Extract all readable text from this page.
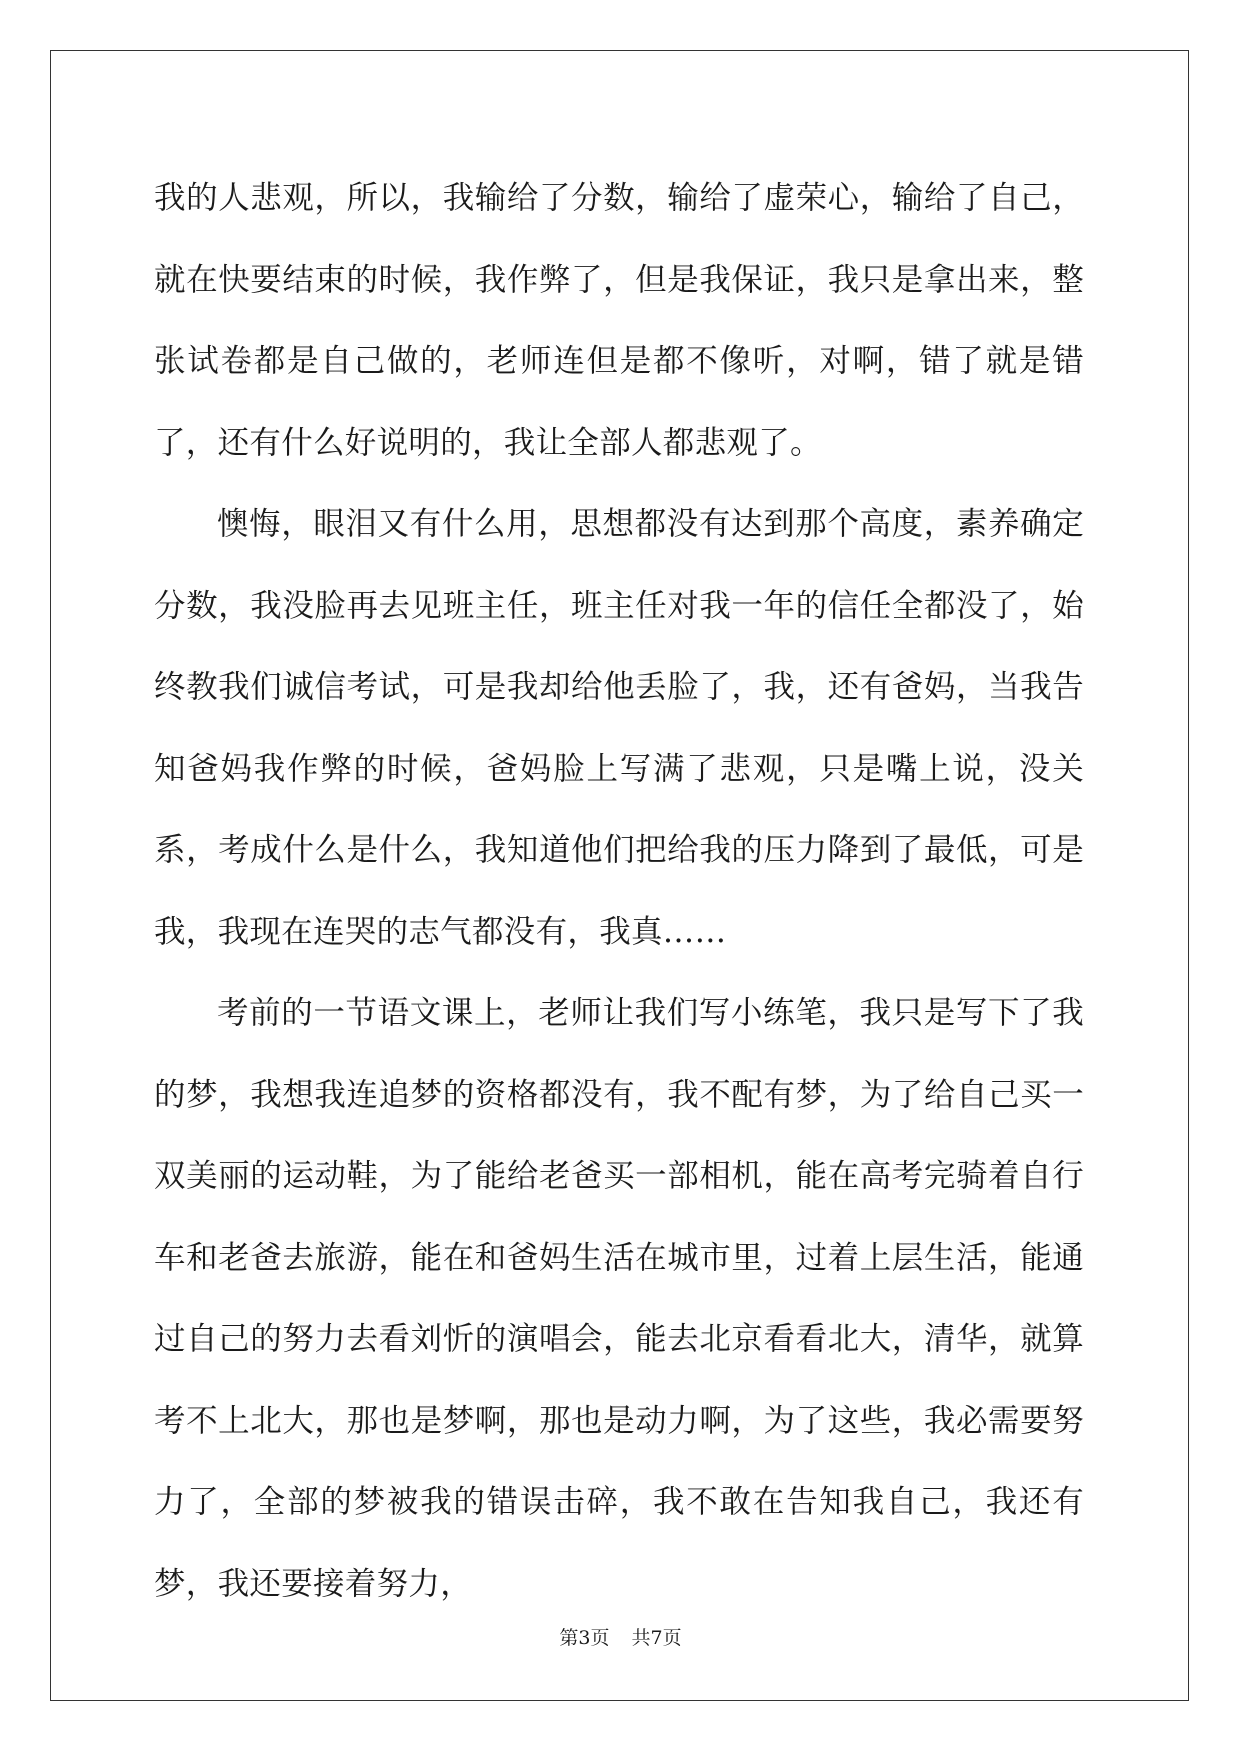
我的人悲观，所以，我输给了分数，输给了虚荣心，输给了自己，就在快要结束的时候，我作弊了，但是我保证，我只是拿出来，整张试卷都是自己做的，老师连但是都不像听，对啊，错了就是错了，还有什么好说明的，我让全部人都悲观了。

懊悔，眼泪又有什么用，思想都没有达到那个高度，素养确定分数，我没脸再去见班主任，班主任对我一年的信任全都没了，始终教我们诚信考试，可是我却给他丢脸了，我，还有爸妈，当我告知爸妈我作弊的时候，爸妈脸上写满了悲观，只是嘴上说，没关系，考成什么是什么，我知道他们把给我的压力降到了最低，可是我，我现在连哭的志气都没有，我真……

考前的一节语文课上，老师让我们写小练笔，我只是写下了我的梦，我想我连追梦的资格都没有，我不配有梦，为了给自己买一双美丽的运动鞋，为了能给老爸买一部相机，能在高考完骑着自行车和老爸去旅游，能在和爸妈生活在城市里，过着上层生活，能通过自己的努力去看刘忻的演唱会，能去北京看看北大，清华，就算考不上北大，那也是梦啊，那也是动力啊，为了这些，我必需要努力了，全部的梦被我的错误击碎，我不敢在告知我自己，我还有梦，我还要接着努力，

第3页 共7页
